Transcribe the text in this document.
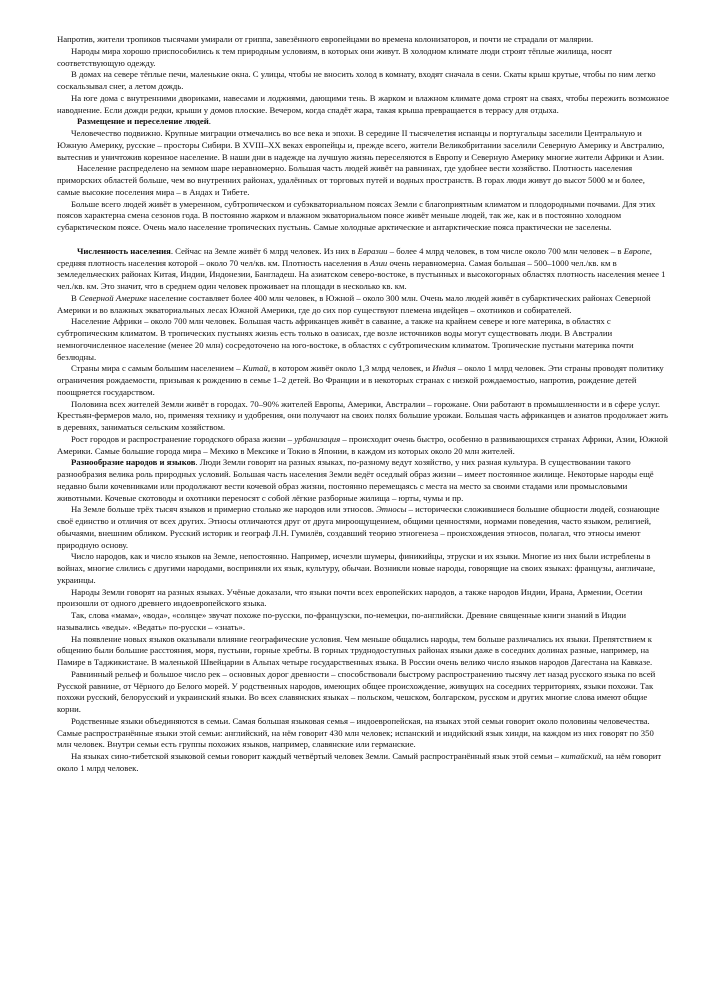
Напротив, жители тропиков тысячами умирали от гриппа, завезённого европейцами во времена колонизаторов, и почти не страдали от малярии.

Народы мира хорошо приспособились к тем природным условиям, в которых они живут. В холодном климате люди строят тёплые жилища, носят соответствующую одежду.

В домах на севере тёплые печи, маленькие окна. С улицы, чтобы не вносить холод в комнату, входят сначала в сени. Скаты крыш крутые, чтобы по ним легко соскальзывал снег, а летом дождь.

На юге дома с внутренними двориками, навесами и лоджиями, дающими тень. В жарком и влажном климате дома строят на сваях, чтобы пережить возможное наводнение. Если дожди редки, крыши у домов плоские. Вечером, когда спадёт жара, такая крыша превращается в террасу для отдыха.

Размещение и переселение людей.

Человечество подвижно. Крупные миграции отмечались во все века и эпохи. В середине II тысячелетия испанцы и португальцы заселили Центральную и Южную Америку, русские – просторы Сибири. В XVIII–XX веках европейцы и, прежде всего, жители Великобритании заселили Северную Америку и Австралию, вытеснив и уничтожив коренное население. В наши дни в надежде на лучшую жизнь переселяются в Европу и Северную Америку многие жители Африки и Азии.

Население распределено на земном шаре неравномерно. Большая часть людей живёт на равнинах, где удобнее вести хозяйство. Плотность населения приморских областей больше, чем во внутренних районах, удалённых от торговых путей и водных пространств. В горах люди живут до высот 5000 м и более, самые высокие поселения мира – в Андах и Тибете.

Больше всего людей живёт в умеренном, субтропическом и субэкваториальном поясах Земли с благоприятным климатом и плодородными почвами. Для этих поясов характерна смена сезонов года. В постоянно жарком и влажном экваториальном поясе живёт меньше людей, так же, как и в постоянно холодном субарктическом поясе. Очень мало население тропических пустынь. Самые холодные арктические и антарктические пояса практически не заселены.

Численность населения. Сейчас на Земле живёт 6 млрд человек. Из них в Евразии – более 4 млрд человек, в том числе около 700 млн человек – в Европе, средняя плотность населения которой – около 70 чел/кв. км. Плотность населения в Азии очень неравномерна. Самая большая – 500–1000 чел./кв. км в земледельческих районах Китая, Индии, Индонезии, Бангладеш. На азиатском северо-востоке, в пустынных и высокогорных областях плотность населения менее 1 чел./кв. км. Это значит, что в среднем один человек проживает на площади в несколько кв. км.

В Северной Америке население составляет более 400 млн человек, в Южной – около 300 млн. Очень мало людей живёт в субарктических районах Северной Америки и во влажных экваториальных лесах Южной Америки, где до сих пор существуют племена индейцев – охотников и собирателей.

Население Африки – около 700 млн человек. Большая часть африканцев живёт в саванне, а также на крайнем севере и юге материка, в областях с субтропическим климатом. В тропических пустынях жизнь есть только в оазисах, где возле источников воды могут существовать люди. В Австралии немногочисленное население (менее 20 млн) сосредоточено на юго-востоке, в областях с субтропическим климатом. Тропические пустыни материка почти безлюдны.

Страны мира с самым большим населением – Китай, в котором живёт около 1,3 млрд человек, и Индия – около 1 млрд человек. Эти страны проводят политику ограничения рождаемости, призывая к рождению в семье 1–2 детей. Во Франции и в некоторых странах с низкой рождаемостью, напротив, рождение детей поощряется государством.

Половина всех жителей Земли живёт в городах. 70–90% жителей Европы, Америки, Австралии – горожане. Они работают в промышленности и в сфере услуг. Крестьян-фермеров мало, но, применяя технику и удобрения, они получают на своих полях большие урожаи. Большая часть африканцев и азиатов продолжает жить в деревнях, заниматься сельским хозяйством.

Рост городов и распространение городского образа жизни – урбанизация – происходит очень быстро, особенно в развивающихся странах Африки, Азии, Южной Америки. Самые большие города мира – Мехико в Мексике и Токио в Японии, в каждом из которых около 20 млн жителей.

Разнообразие народов и языков. Люди Земли говорят на разных языках, по-разному ведут хозяйство, у них разная культура. В существовании такого разнообразия велика роль природных условий. Большая часть населения Земли ведёт оседлый образ жизни – имеет постоянное жилище. Некоторые народы ещё недавно были кочевниками или продолжают вести кочевой образ жизни, постоянно перемещаясь с места на место за своими стадами или промысловыми животными. Кочевые скотоводы и охотники переносят с собой лёгкие разборные жилища – юрты, чумы и пр.

На Земле больше трёх тысяч языков и примерно столько же народов или этносов. Этносы – исторически сложившиеся большие общности людей, сознающие своё единство и отличия от всех других. Этносы отличаются друг от друга мироощущением, общими ценностями, нормами поведения, часто языком, религией, обычаями, внешним обликом. Русский историк и географ Л.Н. Гумилёв, создавший теорию этногенеза – происхождения этносов, полагал, что этносы имеют природную основу.

Число народов, как и число языков на Земле, непостоянно. Например, исчезли шумеры, финикийцы, этруски и их языки. Многие из них были истреблены в войнах, многие слились с другими народами, восприняли их язык, культуру, обычаи. Возникли новые народы, говорящие на своих языках: французы, англичане, украинцы.

Народы Земли говорят на разных языках. Учёные доказали, что языки почти всех европейских народов, а также народов Индии, Ирана, Армении, Осетии произошли от одного древнего индоевропейского языка.

Так, слова «мама», «вода», «солнце» звучат похоже по-русски, по-французски, по-немецки, по-английски. Древние священные книги знаний в Индии назывались «веды». «Ведать» по-русски – «знать».

На появление новых языков оказывали влияние географические условия. Чем меньше общались народы, тем больше различались их языки. Препятствием к общению были большие расстояния, моря, пустыни, горные хребты. В горных труднодоступных районах языки даже в соседних долинах разные, например, на Памире в Таджикистане. В маленькой Швейцарии в Альпах четыре государственных языка. В России очень велико число языков народов Дагестана на Кавказе.

Равнинный рельеф и большое число рек – основных дорог древности – способствовали быстрому распространению тысячу лет назад русского языка по всей Русской равнине, от Чёрного до Белого морей. У родственных народов, имеющих общее происхождение, живущих на соседних территориях, языки похожи. Так похожи русский, белорусский и украинский языки. Во всех славянских языках – польском, чешском, болгарском, русском и других многие слова имеют общие корни.

Родственные языки объединяются в семьи. Самая большая языковая семья – индоевропейская, на языках этой семьи говорит около половины человечества. Самые распространённые языки этой семьи: английский, на нём говорит 430 млн человек; испанский и индийский язык хинди, на каждом из них говорят по 350 млн человек. Внутри семьи есть группы похожих языков, например, славянские или германские.

На языках сино-тибетской языковой семьи говорит каждый четвёртый человек Земли. Самый распространённый язык этой семьи – китайский, на нём говорит около 1 млрд человек.
